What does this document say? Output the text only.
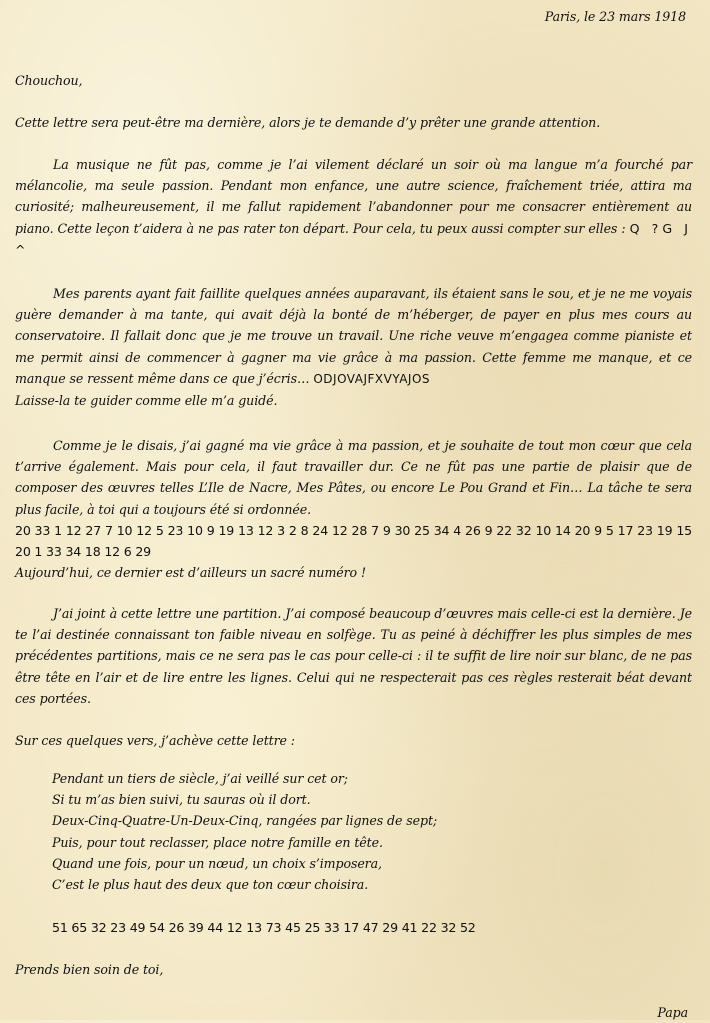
Paris, le 23 mars 1918

Chouchou,

Cette lettre sera peut-être ma dernière, alors je te demande d’y prêter une grande attention.

La musique ne fût pas, comme je l’ai vilement déclaré un soir où ma langue m’a fourché par mélancolie, ma seule passion. Pendant mon enfance, une autre science, fraîchement triée, attira ma curiosité; malheureusement, il me fallut rapidement l’abandonner pour me consacrer entièrement au piano. Cette leçon t’aidera à ne pas rater ton départ. Pour cela, tu peux aussi compter sur elles : Q ?G J ^

Mes parents ayant fait faillite quelques années auparavant, ils étaient sans le sou, et je ne me voyais guère demander à ma tante, qui avait déjà la bonté de m’héberger, de payer en plus mes cours au conservatoire. Il fallait donc que je me trouve un travail. Une riche veuve m’engagea comme pianiste et me permit ainsi de commencer à gagner ma vie grâce à ma passion. Cette femme me manque, et ce manque se ressent même dans ce que j’écris… ODJOVAJFXVYAJOS
Laisse-la te guider comme elle m’a guidé.

Comme je le disais, j’ai gagné ma vie grâce à ma passion, et je souhaite de tout mon cœur que cela t’arrive également. Mais pour cela, il faut travailler dur. Ce ne fût pas une partie de plaisir que de composer des œuvres telles L’Ile de Nacre, Mes Pâtes, ou encore Le Pou Grand et Fin… La tâche te sera plus facile, à toi qui a toujours été si ordonnée.
20 33 1 12 27 7 10 12 5 23 10 9 19 13 12 3 2 8 24 12 28 7 9 30 25 34 4 26 9 22 32 10 14 20 9 5 17 23 19 15 20 1 33 34 18 12 6 29
Aujourd’hui, ce dernier est d’ailleurs un sacré numéro !

J’ai joint à cette lettre une partition. J’ai composé beaucoup d’œuvres mais celle-ci est la dernière. Je te l’ai destinée connaissant ton faible niveau en solfège. Tu as peiné à déchiffrer les plus simples de mes précédentes partitions, mais ce ne sera pas le cas pour celle-ci : il te suffit de lire noir sur blanc, de ne pas être tête en l’air et de lire entre les lignes. Celui qui ne respecterait pas ces règles resterait béat devant ces portées.

Sur ces quelques vers, j’achève cette lettre :

Pendant un tiers de siècle, j’ai veillé sur cet or;
Si tu m’as bien suivi, tu sauras où il dort.
Deux-Cinq-Quatre-Un-Deux-Cinq, rangées par lignes de sept;
Puis, pour tout reclasser, place notre famille en tête.
Quand une fois, pour un nœud, un choix s’imposera,
C’est le plus haut des deux que ton cœur choisira.

51 65 32 23 49 54 26 39 44 12 13 73 45 25 33 17 47 29 41 22 32 52

Prends bien soin de toi,

Papa
